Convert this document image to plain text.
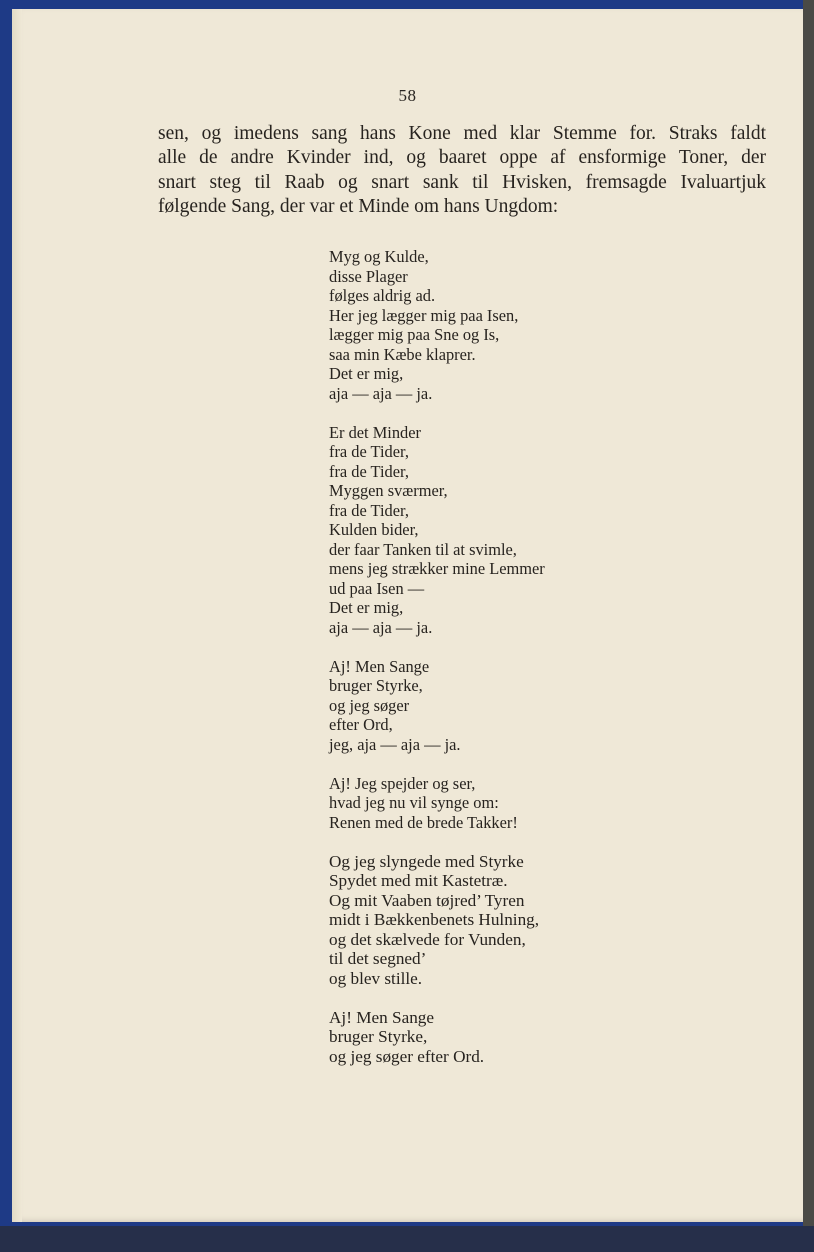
58
sen, og imedens sang hans Kone med klar Stemme for. Straks faldt
alle de andre Kvinder ind, og baaret oppe af ensformige Toner, der
snart steg til Raab og snart sank til Hvisken, fremsagde Ivaluartjuk
følgende Sang, der var et Minde om hans Ungdom:
Myg og Kulde,
disse Plager
følges aldrig ad.
Her jeg lægger mig paa Isen,
lægger mig paa Sne og Is,
saa min Kæbe klaprer.
Det er mig,
aja — aja — ja.
Er det Minder
fra de Tider,
fra de Tider,
Myggen sværmer,
fra de Tider,
Kulden bider,
der faar Tanken til at svimle,
mens jeg strækker mine Lemmer
ud paa Isen —
Det er mig,
aja — aja — ja.
Aj! Men Sange
bruger Styrke,
og jeg søger
efter Ord,
jeg, aja — aja — ja.
Aj! Jeg spejder og ser,
hvad jeg nu vil synge om:
Renen med de brede Takker!
Og jeg slyngede med Styrke
Spydet med mit Kastetræ.
Og mit Vaaben tøjred’ Tyren
midt i Bækkenbenets Hulning,
og det skælvede for Vunden,
til det segned’
og blev stille.
Aj! Men Sange
bruger Styrke,
og jeg søger efter Ord.
